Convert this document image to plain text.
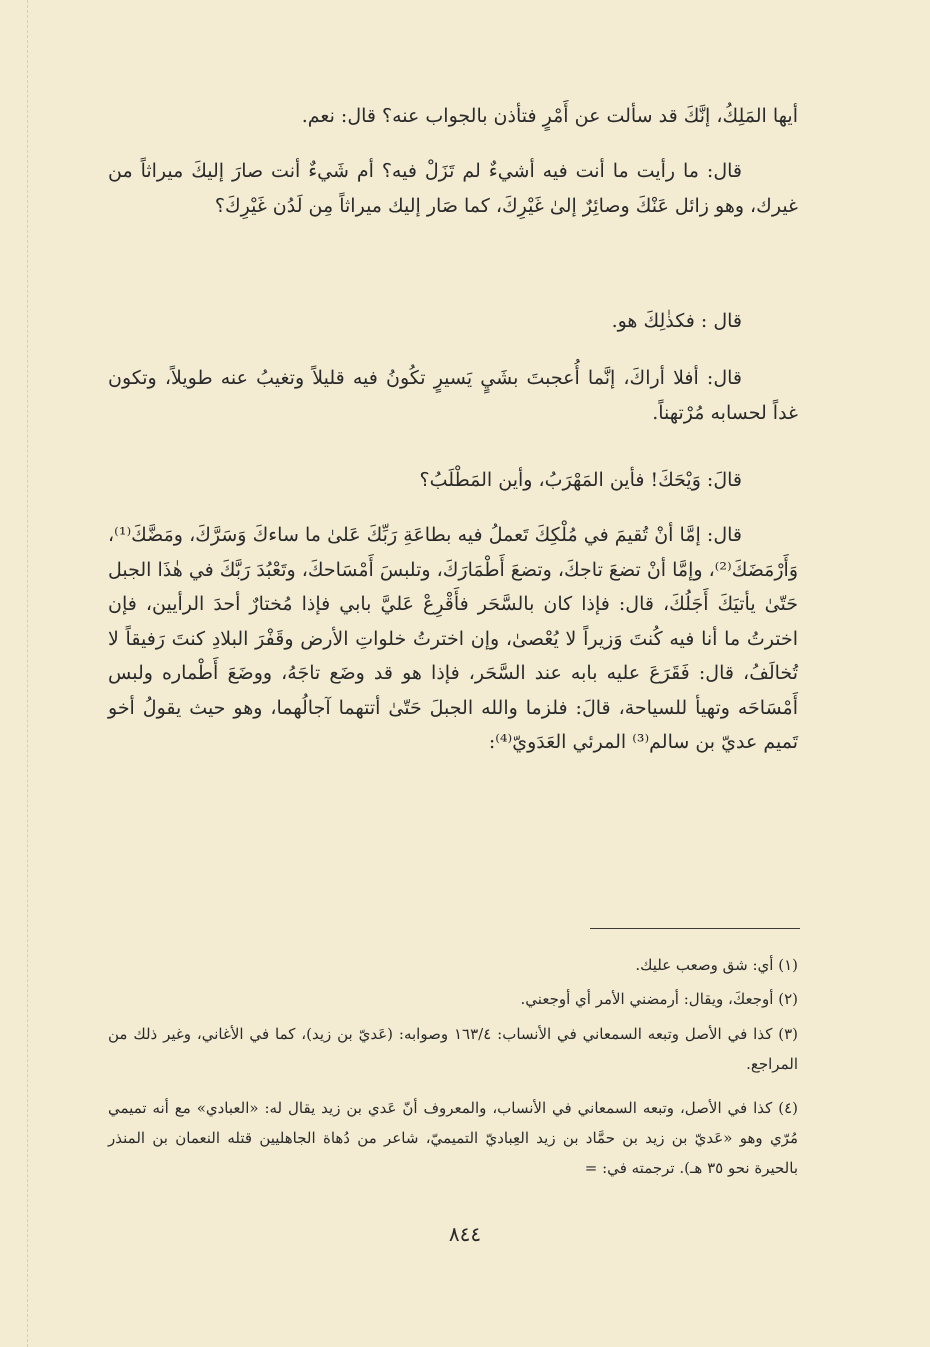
أيها المَلِكُ، إنَّكَ قد سألت عن أَمْرٍ فتأذن بالجواب عنه؟ قال: نعم.

قال: ما رأيت ما أنت فيه أشيءٌ لم تَزَلْ فيه؟ أم شَيءٌ أنت صارَ إليكَ ميراثاً من غيرك، وهو زائل عَنْكَ وصائِرٌ إلىٰ غَيْرِكَ، كما صَار إليك ميراثاً مِن لَدُن غَيْرِكَ؟

قال : فكذٰلِكَ هو.

قال: أفلا أراكَ، إنَّما أُعجبتَ بشَيٍ يَسيرٍ تكُونُ فيه قليلاً وتغيبُ عنه طويلاً، وتكون غداً لحسابه مُرْتهناً.

قالَ: وَيْحَكَ! فأين المَهْرَبُ، وأين المَطْلَبُ؟

قال: إمَّا أنْ تُقيمَ في مُلْكِكَ تَعملُ فيه بطاعَةِ رَبِّكَ عَلىٰ ما ساءكَ وَسَرَّكَ، ومَضَّكَ⁽¹⁾، وَأَرْمَضَكَ⁽²⁾، وإمَّا أنْ تضعَ تاجكَ، وتضعَ أَطْمَارَكَ، وتلبسَ أَمْسَاحكَ، وتَعْبُدَ رَبَّكَ في هٰذَا الجبل حَتّىٰ يأتيَكَ أَجَلُكَ، قال: فإذا كان بالسَّحَر فأَقْرِعْ عَليَّ بابي فإذا مُختارٌ أحدَ الرأيين، فإن اخترتُ ما أنا فيه كُنتَ وَزيراً لا يُعْصىٰ، وإن اخترتُ خلواتِ الأرض وقَفْرَ البلادِ كنتَ رَفيقاً لا تُخالَفُ، قال: فَقَرَعَ عليه بابه عند السَّحَر، فإذا هو قد وضَع تاجَهُ، ووضَعَ أَطْماره ولبس أَمْسَاحَه وتهيأ للسياحة، قالَ: فلزما والله الجبلَ حَتّىٰ أتتهما آجالُهما، وهو حيث يقولُ أخو تَميم عديّ بن سالم⁽³⁾ المرئي العَدَويّ⁽⁴⁾:

(١) أي: شق وصعب عليك.

(٢) أوجعكَ، ويقال: أرمضني الأمر أي أوجعني.

(٣) كذا في الأصل وتبعه السمعاني في الأنساب: ١٦٣/٤ وصوابه: (عَديّ بن زيد)، كما في الأغاني، وغير ذلك من المراجع.

(٤) كذا في الأصل، وتبعه السمعاني في الأنساب، والمعروف أنّ عَدي بن زيد يقال له: «العبادي» مع أنه تميمي مُرّي وهو «عَديّ بن زيد بن حمَّاد بن زيد العِباديّ التميميّ، شاعر من دُهاة الجاهليين قتله النعمان بن المنذر بالحيرة نحو ٣٥ هـ). ترجمته في: =

٨٤٤
